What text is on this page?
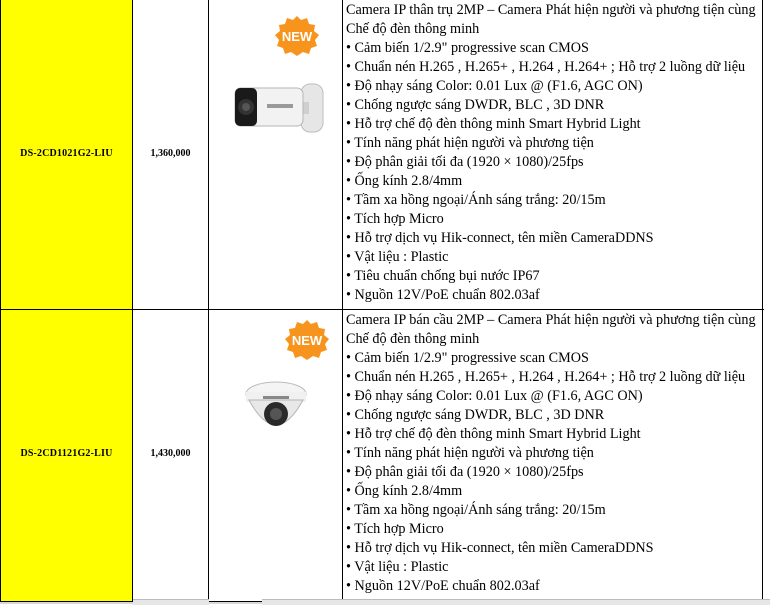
DS-2CD1021G2-LIU	1,360,000
NEW
Camera IP thân trụ 2MP – Camera Phát hiện người và phương tiện cùng Chế độ đèn thông minh
• Cảm biến 1/2.9" progressive scan CMOS
• Chuẩn nén H.265 , H.265+ , H.264 , H.264+ ; Hỗ trợ 2 luồng dữ liệu
• Độ nhạy sáng Color: 0.01 Lux @ (F1.6, AGC ON)
• Chống ngược sáng DWDR, BLC , 3D DNR
• Hỗ trợ chế độ đèn thông minh Smart Hybrid Light
• Tính năng phát hiện người và phương tiện
• Độ phân giải tối đa (1920 × 1080)/25fps
• Ống kính 2.8/4mm
• Tầm xa hồng ngoại/Ánh sáng trắng: 20/15m
• Tích hợp Micro
• Hỗ trợ dịch vụ Hik-connect, tên miền CameraDDNS
• Vật liệu : Plastic
• Tiêu chuẩn chống bụi nước IP67
• Nguồn 12V/PoE chuẩn 802.03af
DS-2CD1121G2-LIU	1,430,000
NEW
Camera IP bán cầu 2MP – Camera Phát hiện người và phương tiện cùng Chế độ đèn thông minh
• Cảm biến 1/2.9" progressive scan CMOS
• Chuẩn nén H.265 , H.265+ , H.264 , H.264+ ; Hỗ trợ 2 luồng dữ liệu
• Độ nhạy sáng Color: 0.01 Lux @ (F1.6, AGC ON)
• Chống ngược sáng DWDR, BLC , 3D DNR
• Hỗ trợ chế độ đèn thông minh Smart Hybrid Light
• Tính năng phát hiện người và phương tiện
• Độ phân giải tối đa (1920 × 1080)/25fps
• Ống kính 2.8/4mm
• Tầm xa hồng ngoại/Ánh sáng trắng: 20/15m
• Tích hợp Micro
• Hỗ trợ dịch vụ Hik-connect, tên miền CameraDDNS
• Vật liệu : Plastic
• Nguồn 12V/PoE chuẩn 802.03af
